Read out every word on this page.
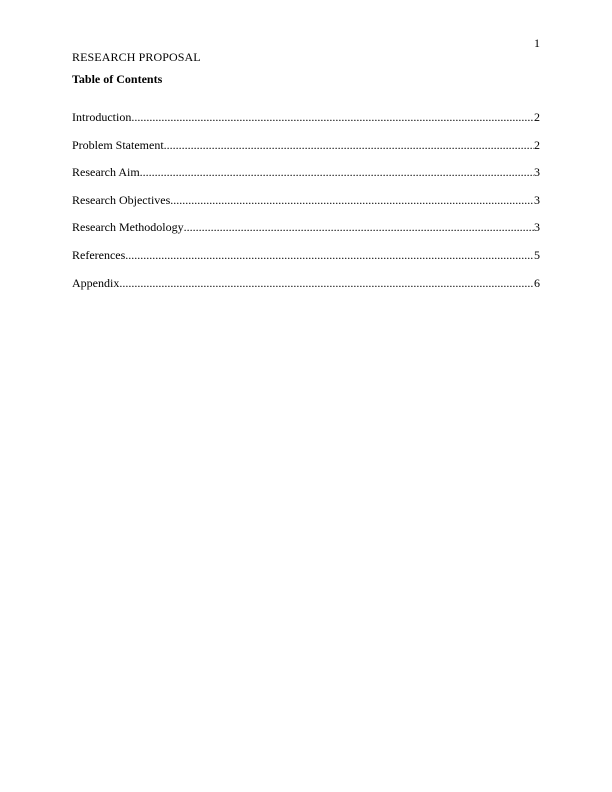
1
RESEARCH PROPOSAL
Table of Contents
Introduction .....	2
Problem Statement .....	2
Research Aim .....	3
Research Objectives .....	3
Research Methodology .....	3
References .....	5
Appendix .....	6
